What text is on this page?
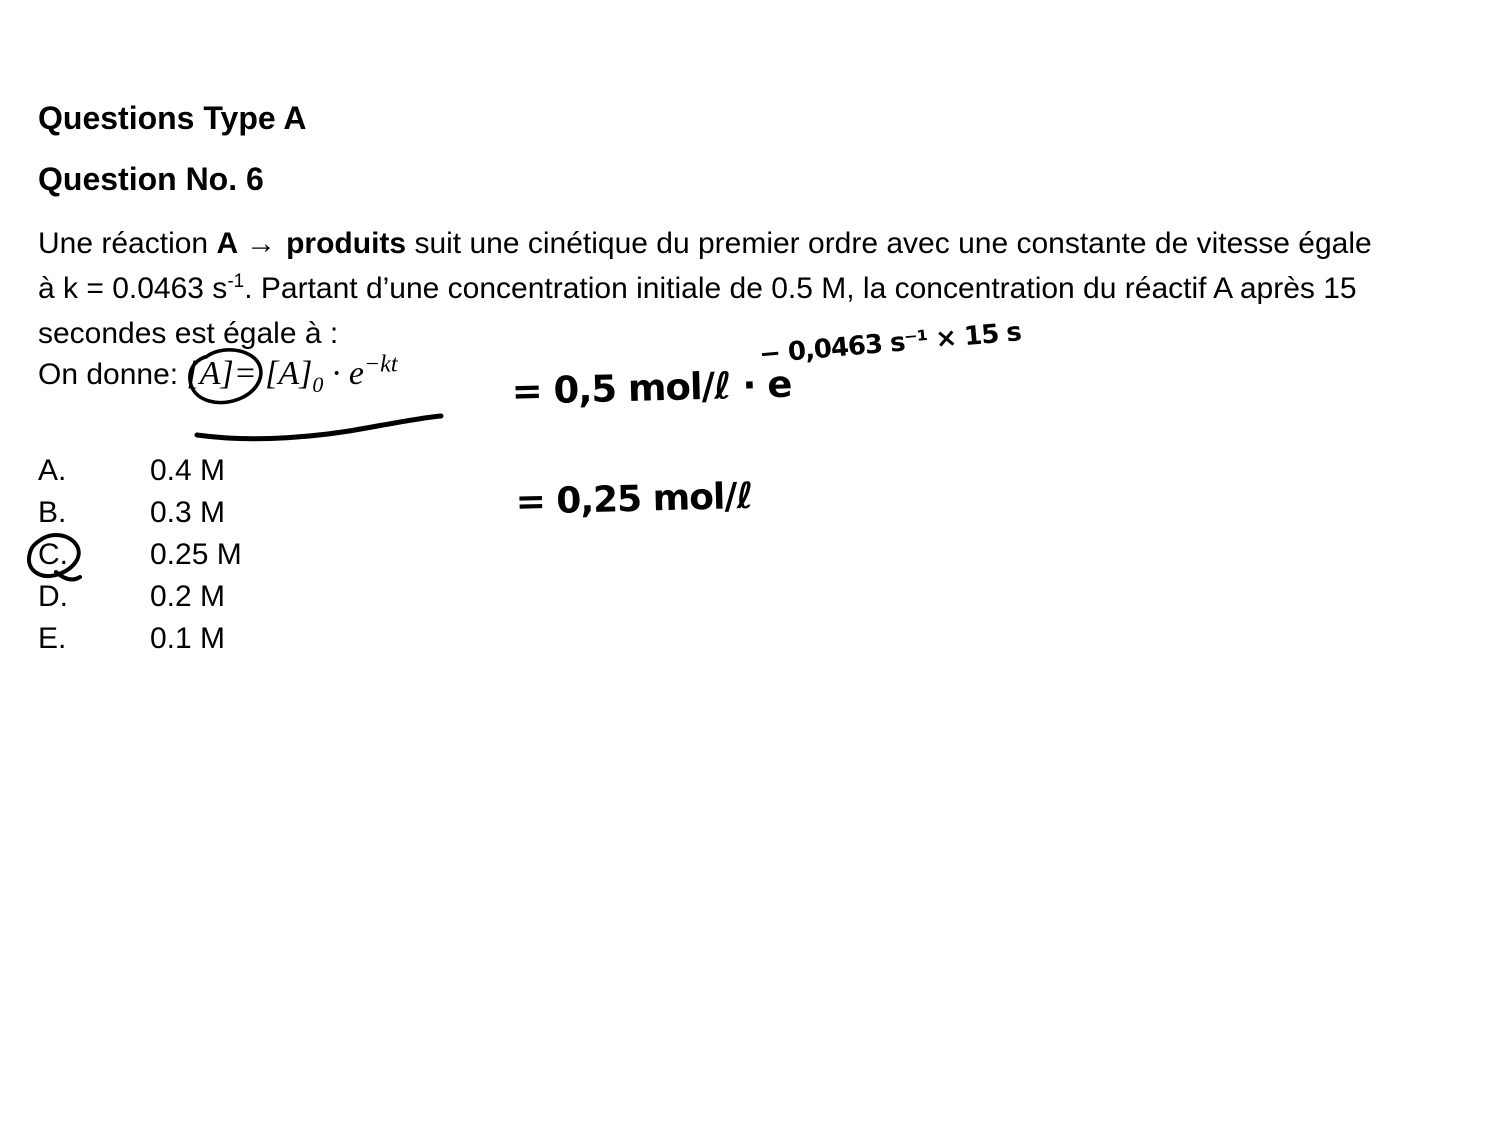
Questions Type A
Question No. 6
Une réaction A → produits suit une cinétique du premier ordre avec une constante de vitesse égale
à k = 0.0463 $s^{-1}$. Partant d’une concentration initiale de 0.5 M, la concentration du réactif A après 15
secondes est égale à :
On donne: $[A]= [A]_0 \cdot e^{-kt}$
A.	0.4 M
B.	0.3 M
C.	0.25 M
D.	0.2 M
E.	0.1 M
= 0,5 mol/ℓ · e
− 0,0463 s⁻¹ × 15 s
= 0,25 mol/ℓ
